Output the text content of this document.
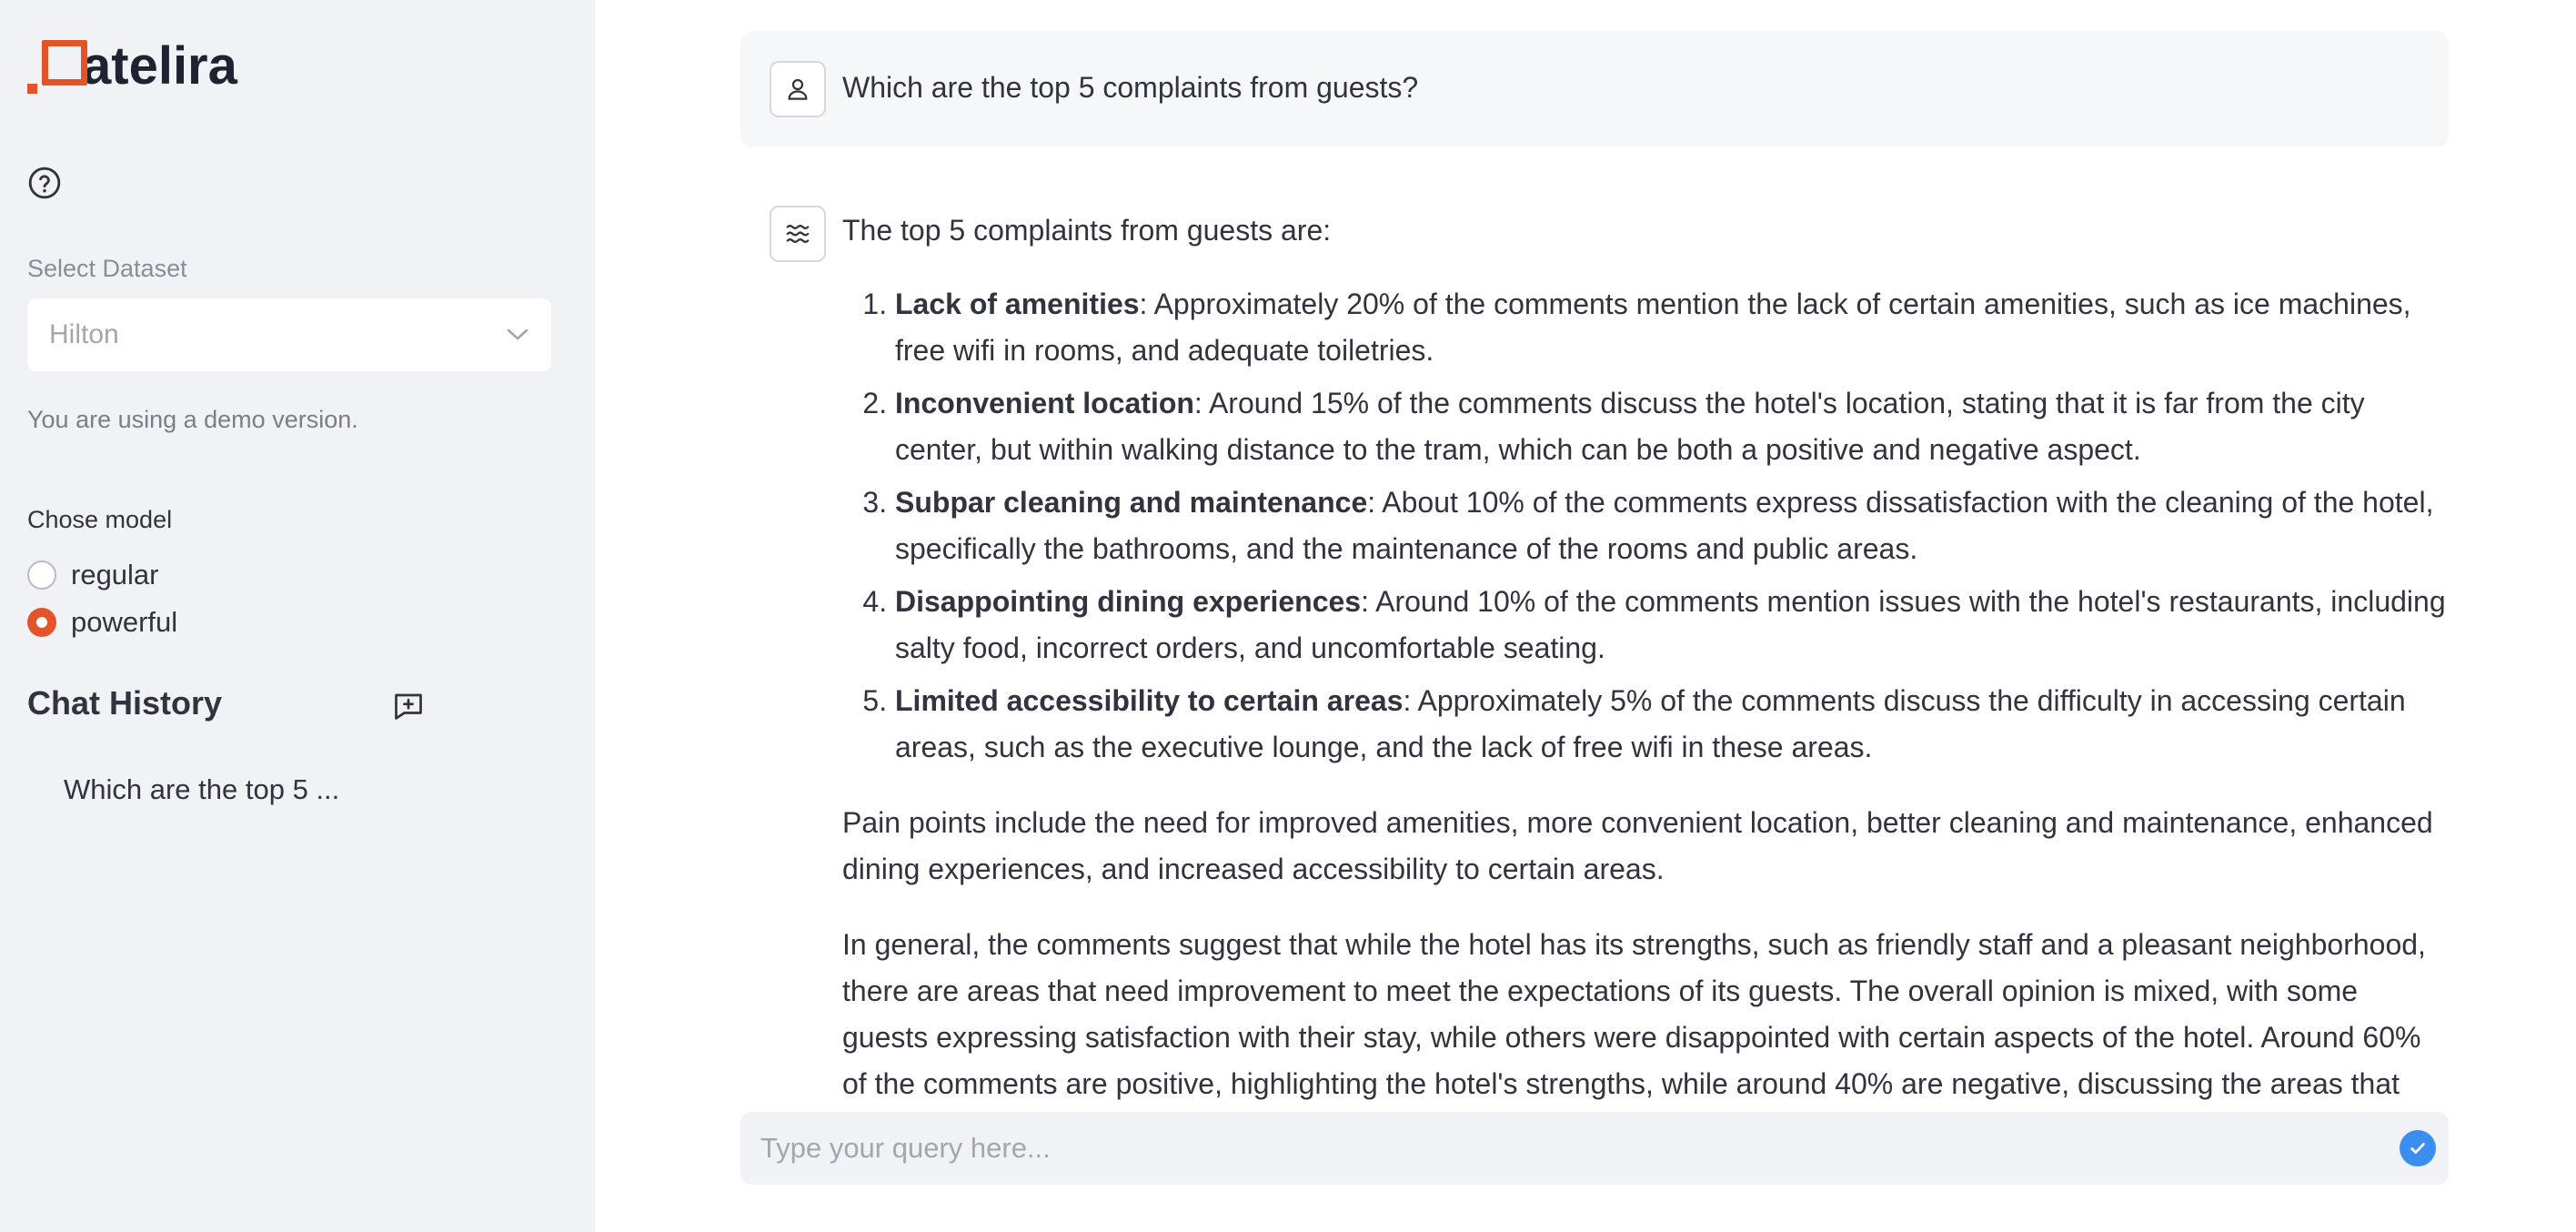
atelira
Select Dataset
Hilton
You are using a demo version.
Chose model
regular
powerful
Chat History
Which are the top 5 ...
Which are the top 5 complaints from guests?

The top 5 complaints from guests are:

1. Lack of amenities: Approximately 20% of the comments mention the lack of certain amenities, such as ice machines, free wifi in rooms, and adequate toiletries.
2. Inconvenient location: Around 15% of the comments discuss the hotel's location, stating that it is far from the city center, but within walking distance to the tram, which can be both a positive and negative aspect.
3. Subpar cleaning and maintenance: About 10% of the comments express dissatisfaction with the cleaning of the hotel, specifically the bathrooms, and the maintenance of the rooms and public areas.
4. Disappointing dining experiences: Around 10% of the comments mention issues with the hotel's restaurants, including salty food, incorrect orders, and uncomfortable seating.
5. Limited accessibility to certain areas: Approximately 5% of the comments discuss the difficulty in accessing certain areas, such as the executive lounge, and the lack of free wifi in these areas.

Pain points include the need for improved amenities, more convenient location, better cleaning and maintenance, enhanced dining experiences, and increased accessibility to certain areas.

In general, the comments suggest that while the hotel has its strengths, such as friendly staff and a pleasant neighborhood, there are areas that need improvement to meet the expectations of its guests. The overall opinion is mixed, with some guests expressing satisfaction with their stay, while others were disappointed with certain aspects of the hotel. Around 60% of the comments are positive, highlighting the hotel's strengths, while around 40% are negative, discussing the areas that

Type your query here...
